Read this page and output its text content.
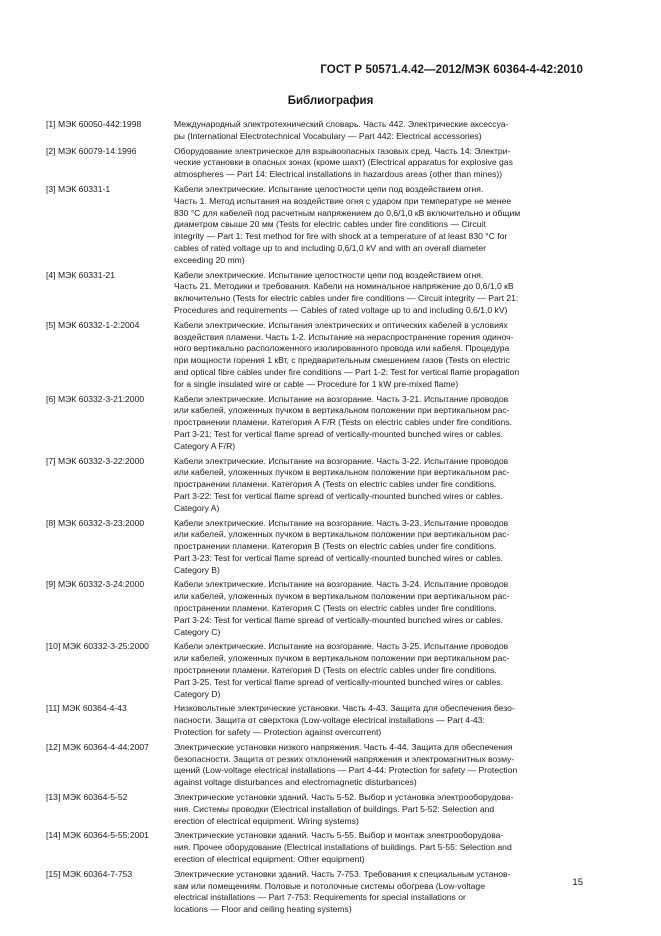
ГОСТ Р 50571.4.42—2012/МЭК 60364-4-42:2010
Библиография
[1] МЭК 60050-442:1998	Международный электротехнический словарь. Часть 442. Электрические аксессуа-
ры (International Electrotechnical Vocabulary — Part 442: Electrical accessories)
[2] МЭК 60079-14:1996	Оборудование электрическое для взрывоопасных газовых сред. Часть 14: Электри-
ческие установки в опасных зонах (кроме шахт) (Electrical apparatus for explosive gas
atmospheres — Part 14: Electrical installations in hazardous areas (other than mines))
[3] МЭК 60331-1	Кабели электрические. Испытание целостности цепи под воздействием огня.
Часть 1. Метод испытания на воздействие огня с ударом при температуре не менее
830 °С для кабелей под расчетным напряжением до 0,6/1,0 кВ включительно и общим
диаметром свыше 20 мм (Tests for electric cables under fire conditions — Circuit
integrity — Part 1: Test method for fire with shock at a temperature of at least 830 °C for
cables of rated voltage up to and including 0,6/1,0 kV and with an overall diameter
exceeding 20 mm)
[4] МЭК 60331-21	Кабели электрические. Испытание целостности цепи под воздействием огня.
Часть 21. Методики и требования. Кабели на номинальное напряжение до 0,6/1,0 кВ
включительно (Tests for electric cables under fire conditions — Circuit integrity — Part 21:
Procedures and requirements — Cables of rated voltage up to and including 0,6/1,0 kV)
[5] МЭК 60332-1-2:2004	Кабели электрические. Испытания электрических и оптических кабелей в условиях
воздействия пламени. Часть 1-2. Испытание на нераспространение горения одиноч-
ного вертикально расположенного изолированного провода или кабеля. Процедура
при мощности горения 1 кВт, с предварительным смешением газов (Tests on electric
and optical fibre cables under fire conditions — Part 1-2: Test for vertical flame propagation
for a single insulated wire or cable — Procedure for 1 kW pre-mixed flame)
[6] МЭК 60332-3-21:2000	Кабели электрические. Испытание на возгорание. Часть 3-21. Испытание проводов
или кабелей, уложенных пучком в вертикальном положении при вертикальном рас-
пространении пламени. Категория A F/R (Tests on electric cables under fire conditions.
Part 3-21: Test for vertical flame spread of vertically-mounted bunched wires or cables.
Category A F/R)
[7] МЭК 60332-3-22:2000	Кабели электрические. Испытание на возгорание. Часть 3-22. Испытание проводов
или кабелей, уложенных пучком в вертикальном положении при вертикальном рас-
пространении пламени. Категория А (Tests on electric cables under fire conditions.
Part 3-22: Test for vertical flame spread of vertically-mounted bunched wires or cables.
Category A)
[8] МЭК 60332-3-23:2000	Кабели электрические. Испытание на возгорание. Часть 3-23. Испытание проводов
или кабелей, уложенных пучком в вертикальном положении при вертикальном рас-
пространении пламени. Категория В (Tests on electric cables under fire conditions.
Part 3-23: Test for vertical flame spread of vertically-mounted bunched wires or cables.
Category B)
[9] МЭК 60332-3-24:2000	Кабели электрические. Испытание на возгорание. Часть 3-24. Испытание проводов
или кабелей, уложенных пучком в вертикальном положении при вертикальном рас-
пространении пламени. Категория С (Tests on electric cables under fire conditions.
Part 3-24: Test for vertical flame spread of vertically-mounted bunched wires or cables.
Category C)
[10] МЭК 60332-3-25:2000	Кабели электрические. Испытание на возгорание. Часть 3-25. Испытание проводов
или кабелей, уложенных пучком в вертикальном положении при вертикальном рас-
пространении пламени. Категория D (Tests on electric cables under fire conditions.
Part 3-25. Test for vertical flame spread of vertically-mounted bunched wires or cables.
Category D)
[11] МЭК 60364-4-43	Низковольтные электрические установки. Часть 4-43. Защита для обеспечения безо-
пасности. Защита от сверхтока (Low-voltage electrical installations — Part 4-43:
Protection for safety — Protection against overcurrent)
[12] МЭК 60364-4-44:2007	Электрические установки низкого напряжения. Часть 4-44. Защита для обеспечения
безопасности. Защита от резких отклонений напряжения и электромагнитных возму-
щений (Low-voltage electrical installations — Part 4-44: Protection for safety — Protection
against voltage disturbances and electromagnetic disturbances)
[13] МЭК 60364-5-52	Электрические установки зданий. Часть 5-52. Выбор и установка электрооборудова-
ния. Системы проводки (Electrical installation of buildings. Part 5-52: Selection and
erection of electrical equipment. Wiring systems)
[14] МЭК 60364-5-55:2001	Электрические установки зданий. Часть 5-55. Выбор и монтаж электрооборудова-
ния. Прочее оборудование (Electrical installations of buildings. Part 5-55: Selection and
erection of electrical equipment. Other equipment)
[15] МЭК 60364-7-753	Электрические установки зданий. Часть 7-753. Требования к специальным установ-
кам или помещениям. Половые и потолочные системы обогрева (Low-voltage
electrical installations — Part 7-753: Requirements for special installations or
locations — Floor and ceiling heating systems)
15
